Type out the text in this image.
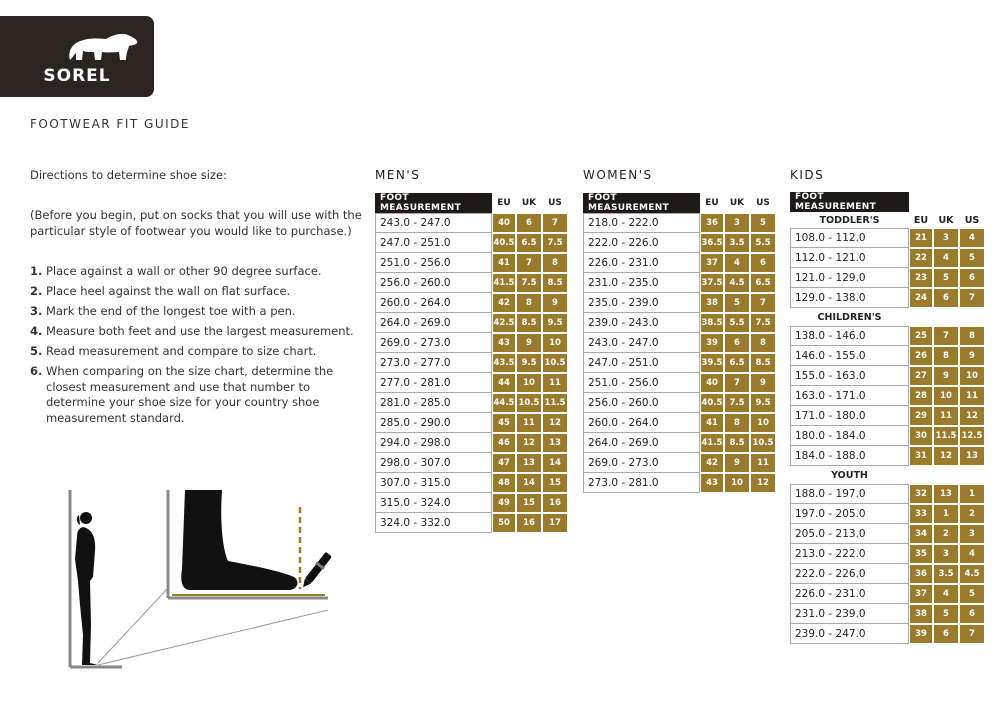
SOREL
FOOTWEAR FIT GUIDE
Directions to determine shoe size:
(Before you begin, put on socks that you will use with the particular style of footwear you would like to purchase.)
1. Place against a wall or other 90 degree surface.
2. Place heel against the wall on flat surface.
3. Mark the end of the longest toe with a pen.
4. Measure both feet and use the largest measurement.
5. Read measurement and compare to size chart.
6. When comparing on the size chart, determine the closest measurement and use that number to determine your shoe size for your country shoe measurement standard.
MEN'S	WOMEN'S	KIDS
FOOT MEASUREMENT	EU	UK	US
243.0 - 247.0	40	6	7
247.0 - 251.0	40.5	6.5	7.5
251.0 - 256.0	41	7	8
256.0 - 260.0	41.5	7.5	8.5
260.0 - 264.0	42	8	9
264.0 - 269.0	42.5	8.5	9.5
269.0 - 273.0	43	9	10
273.0 - 277.0	43.5	9.5	10.5
277.0 - 281.0	44	10	11
281.0 - 285.0	44.5	10.5	11.5
285.0 - 290.0	45	11	12
294.0 - 298.0	46	12	13
298.0 - 307.0	47	13	14
307.0 - 315.0	48	14	15
315.0 - 324.0	49	15	16
324.0 - 332.0	50	16	17
FOOT MEASUREMENT	EU	UK	US
218.0 - 222.0	36	3	5
222.0 - 226.0	36.5	3.5	5.5
226.0 - 231.0	37	4	6
231.0 - 235.0	37.5	4.5	6.5
235.0 - 239.0	38	5	7
239.0 - 243.0	38.5	5.5	7.5
243.0 - 247.0	39	6	8
247.0 - 251.0	39.5	6.5	8.5
251.0 - 256.0	40	7	9
256.0 - 260.0	40.5	7.5	9.5
260.0 - 264.0	41	8	10
264.0 - 269.0	41.5	8.5	10.5
269.0 - 273.0	42	9	11
273.0 - 281.0	43	10	12
FOOT MEASUREMENT			
TODDLER'S	EU	UK	US
108.0 - 112.0	21	3	4
112.0 - 121.0	22	4	5
121.0 - 129.0	23	5	6
129.0 - 138.0	24	6	7
CHILDREN'S			
138.0 - 146.0	25	7	8
146.0 - 155.0	26	8	9
155.0 - 163.0	27	9	10
163.0 - 171.0	28	10	11
171.0 - 180.0	29	11	12
180.0 - 184.0	30	11.5	12.5
184.0 - 188.0	31	12	13
YOUTH			
188.0 - 197.0	32	13	1
197.0 - 205.0	33	1	2
205.0 - 213.0	34	2	3
213.0 - 222.0	35	3	4
222.0 - 226.0	36	3.5	4.5
226.0 - 231.0	37	4	5
231.0 - 239.0	38	5	6
239.0 - 247.0	39	6	7
